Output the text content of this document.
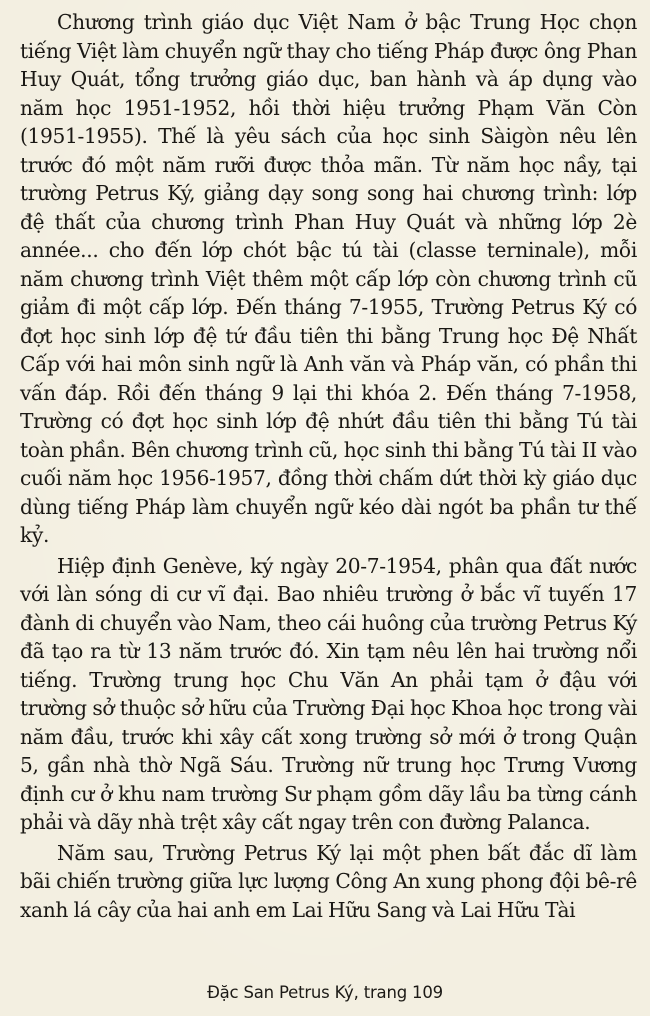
Chương trình giáo dục Việt Nam ở bậc Trung Học chọn tiếng Việt làm chuyển ngữ thay cho tiếng Pháp được ông Phan Huy Quát, tổng trưởng giáo dục, ban hành và áp dụng vào năm học 1951-1952, hồi thời hiệu trưởng Phạm Văn Còn (1951-1955). Thế là yêu sách của học sinh Sàigòn nêu lên trước đó một năm rưỡi được thỏa mãn. Từ năm học nầy, tại trường Petrus Ký, giảng dạy song song hai chương trình: lớp đệ thất của chương trình Phan Huy Quát và những lớp 2è année... cho đến lớp chót bậc tú tài (classe terninale), mỗi năm chương trình Việt thêm một cấp lớp còn chương trình cũ giảm đi một cấp lớp. Đến tháng 7-1955, Trường Petrus Ký có đợt học sinh lớp đệ tứ đầu tiên thi bằng Trung học Đệ Nhất Cấp với hai môn sinh ngữ là Anh văn và Pháp văn, có phần thi vấn đáp. Rồi đến tháng 9 lại thi khóa 2. Đến tháng 7-1958, Trường có đợt học sinh lớp đệ nhứt đầu tiên thi bằng Tú tài toàn phần. Bên chương trình cũ, học sinh thi bằng Tú tài II vào cuối năm học 1956-1957, đồng thời chấm dứt thời kỳ giáo dục dùng tiếng Pháp làm chuyển ngữ kéo dài ngót ba phần tư thế kỷ.

Hiệp định Genève, ký ngày 20-7-1954, phân qua đất nước với làn sóng di cư vĩ đại. Bao nhiêu trường ở bắc vĩ tuyến 17 đành di chuyển vào Nam, theo cái huông của trường Petrus Ký đã tạo ra từ 13 năm trước đó. Xin tạm nêu lên hai trường nổi tiếng. Trường trung học Chu Văn An phải tạm ở đậu với trường sở thuộc sở hữu của Trường Đại học Khoa học trong vài năm đầu, trước khi xây cất xong trường sở mới ở trong Quận 5, gần nhà thờ Ngã Sáu. Trường nữ trung học Trưng Vương định cư ở khu nam trường Sư phạm gồm dãy lầu ba từng cánh phải và dãy nhà trệt xây cất ngay trên con đường Palanca.

Năm sau, Trường Petrus Ký lại một phen bất đắc dĩ làm bãi chiến trường giữa lực lượng Công An xung phong đội bê-rê xanh lá cây của hai anh em Lai Hữu Sang và Lai Hữu Tài

Đặc San Petrus Ký, trang 109
